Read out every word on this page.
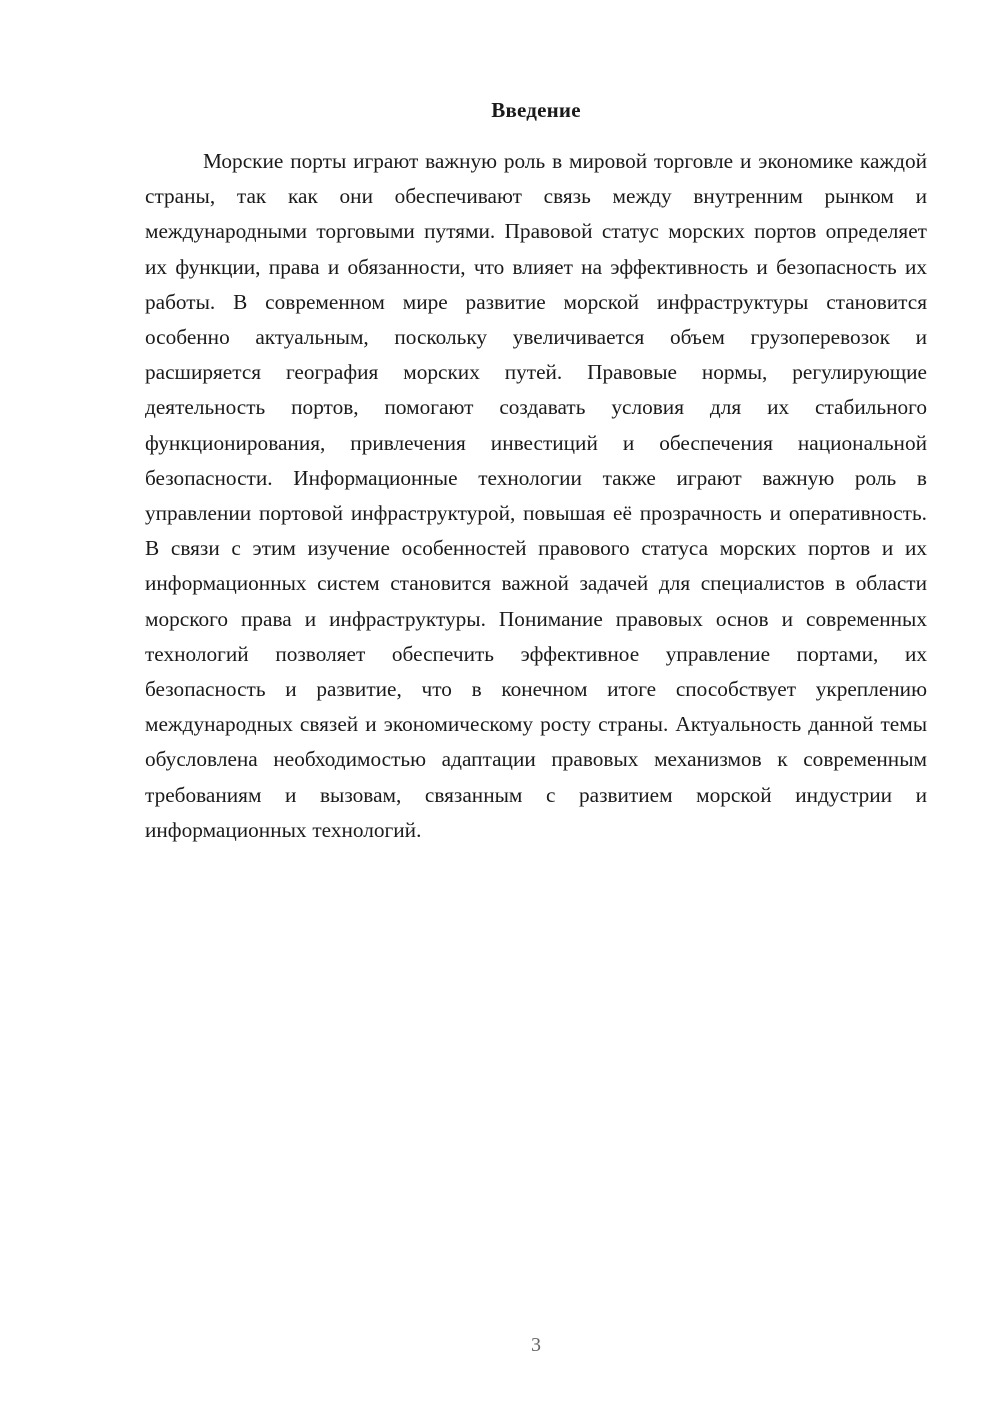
Введение

Морские порты играют важную роль в мировой торговле и экономике каждой страны, так как они обеспечивают связь между внутренним рынком и международными торговыми путями. Правовой статус морских портов определяет их функции, права и обязанности, что влияет на эффективность и безопасность их работы. В современном мире развитие морской инфраструктуры становится особенно актуальным, поскольку увеличивается объем грузоперевозок и расширяется география морских путей. Правовые нормы, регулирующие деятельность портов, помогают создавать условия для их стабильного функционирования, привлечения инвестиций и обеспечения национальной безопасности. Информационные технологии также играют важную роль в управлении портовой инфраструктурой, повышая её прозрачность и оперативность. В связи с этим изучение особенностей правового статуса морских портов и их информационных систем становится важной задачей для специалистов в области морского права и инфраструктуры. Понимание правовых основ и современных технологий позволяет обеспечить эффективное управление портами, их безопасность и развитие, что в конечном итоге способствует укреплению международных связей и экономическому росту страны. Актуальность данной темы обусловлена необходимостью адаптации правовых механизмов к современным требованиям и вызовам, связанным с развитием морской индустрии и информационных технологий.

3
